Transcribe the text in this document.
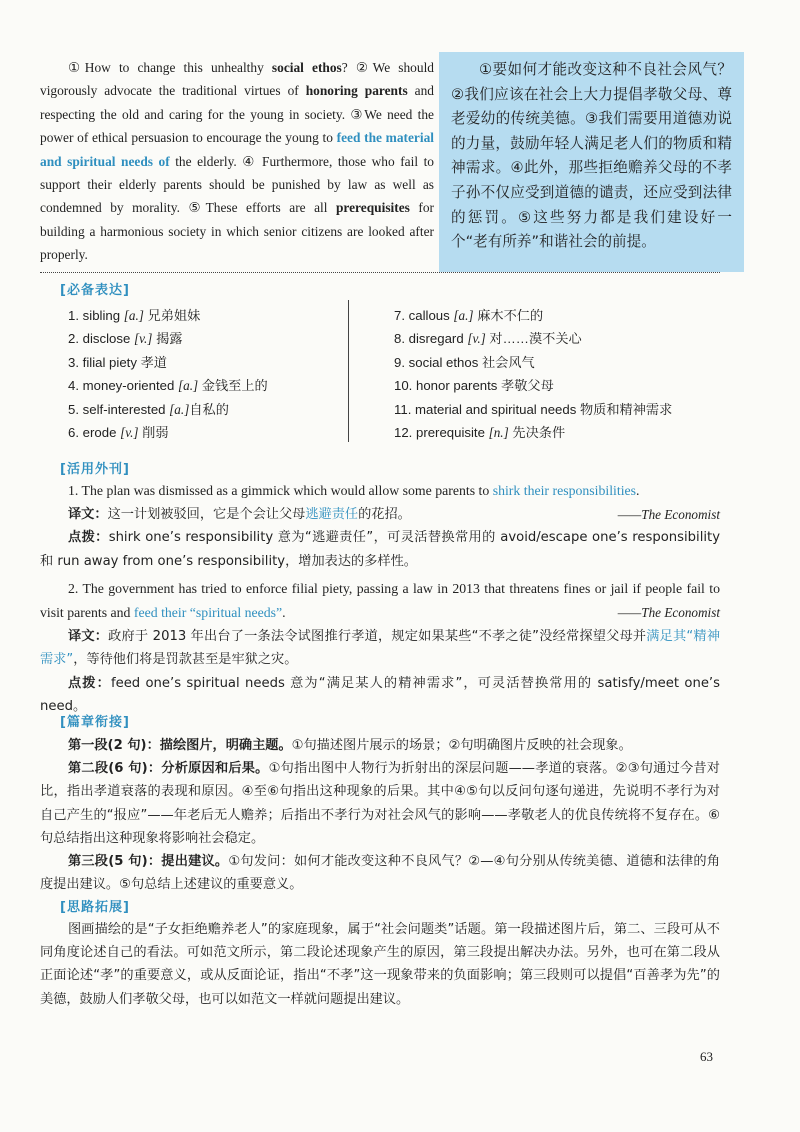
①How to change this unhealthy social ethos? ②We should vigorously advocate the traditional virtues of honoring parents and respecting the old and caring for the young in society. ③We need the power of ethical persuasion to encourage the young to feed the material and spiritual needs of the elderly. ④ Furthermore, those who fail to support their elderly parents should be punished by law as well as condemned by morality. ⑤These efforts are all prerequisites for building a harmonious society in which senior citizens are looked after properly.
①要如何才能改变这种不良社会风气？②我们应该在社会上大力提倡孝敬父母、尊老爱幼的传统美德。③我们需要用道德劝说的力量，鼓励年轻人满足老人们的物质和精神需求。④此外，那些拒绝赡养父母的不孝子孙不仅应受到道德的谴责，还应受到法律的惩罚。⑤这些努力都是我们建设好一个“老有所养”和谐社会的前提。
[必备表达]
1. sibling [a.] 兄弟姐妹
2. disclose [v.] 揭露
3. filial piety 孝道
4. money-oriented [a.] 金钱至上的
5. self-interested [a.]自私的
6. erode [v.] 削弱
7. callous [a.] 麻木不仁的
8. disregard [v.] 对……漠不关心
9. social ethos 社会风气
10. honor parents 孝敬父母
11. material and spiritual needs 物质和精神需求
12. prerequisite [n.] 先决条件
[活用外刊]
1. The plan was dismissed as a gimmick which would allow some parents to shirk their responsibilities.
——The Economist
译文：这一计划被驳回，它是个会让父母逃避责任的花招。
点拨：shirk one’s responsibility 意为“逃避责任”，可灵活替换常用的 avoid/escape one’s responsibility 和 run away from one’s responsibility，增加表达的多样性。
2. The government has tried to enforce filial piety, passing a law in 2013 that threatens fines or jail if people fail to visit parents and feed their “spiritual needs”.	——The Economist
译文：政府于 2013 年出台了一条法令试图推行孝道，规定如果某些“不孝之徒”没经常探望父母并满足其“精神需求”，等待他们将是罚款甚至是牢狱之灾。
点拨：feed one’s spiritual needs 意为“满足某人的精神需求”，可灵活替换常用的 satisfy/meet one’s need。
[篇章衔接]
第一段(2 句)：描绘图片，明确主题。①句描述图片展示的场景；②句明确图片反映的社会现象。
第二段(6 句)：分析原因和后果。①句指出图中人物行为折射出的深层问题——孝道的衰落。②③句通过今昔对比，指出孝道衰落的表现和原因。④至⑥句指出这种现象的后果。其中④⑤句以反问句逐句递进，先说明不孝行为对自己产生的“报应”——年老后无人赡养；后指出不孝行为对社会风气的影响——孝敬老人的优良传统将不复存在。⑥句总结指出这种现象将影响社会稳定。
第三段(5 句)：提出建议。①句发问：如何才能改变这种不良风气？②—④句分别从传统美德、道德和法律的角度提出建议。⑤句总结上述建议的重要意义。
[思路拓展]
图画描绘的是“子女拒绝赡养老人”的家庭现象，属于“社会问题类”话题。第一段描述图片后，第二、三段可从不同角度论述自己的看法。可如范文所示，第二段论述现象产生的原因，第三段提出解决办法。另外，也可在第二段从正面论述“孝”的重要意义，或从反面论证，指出“不孝”这一现象带来的负面影响；第三段则可以提倡“百善孝为先”的美德，鼓励人们孝敬父母，也可以如范文一样就问题提出建议。
63
